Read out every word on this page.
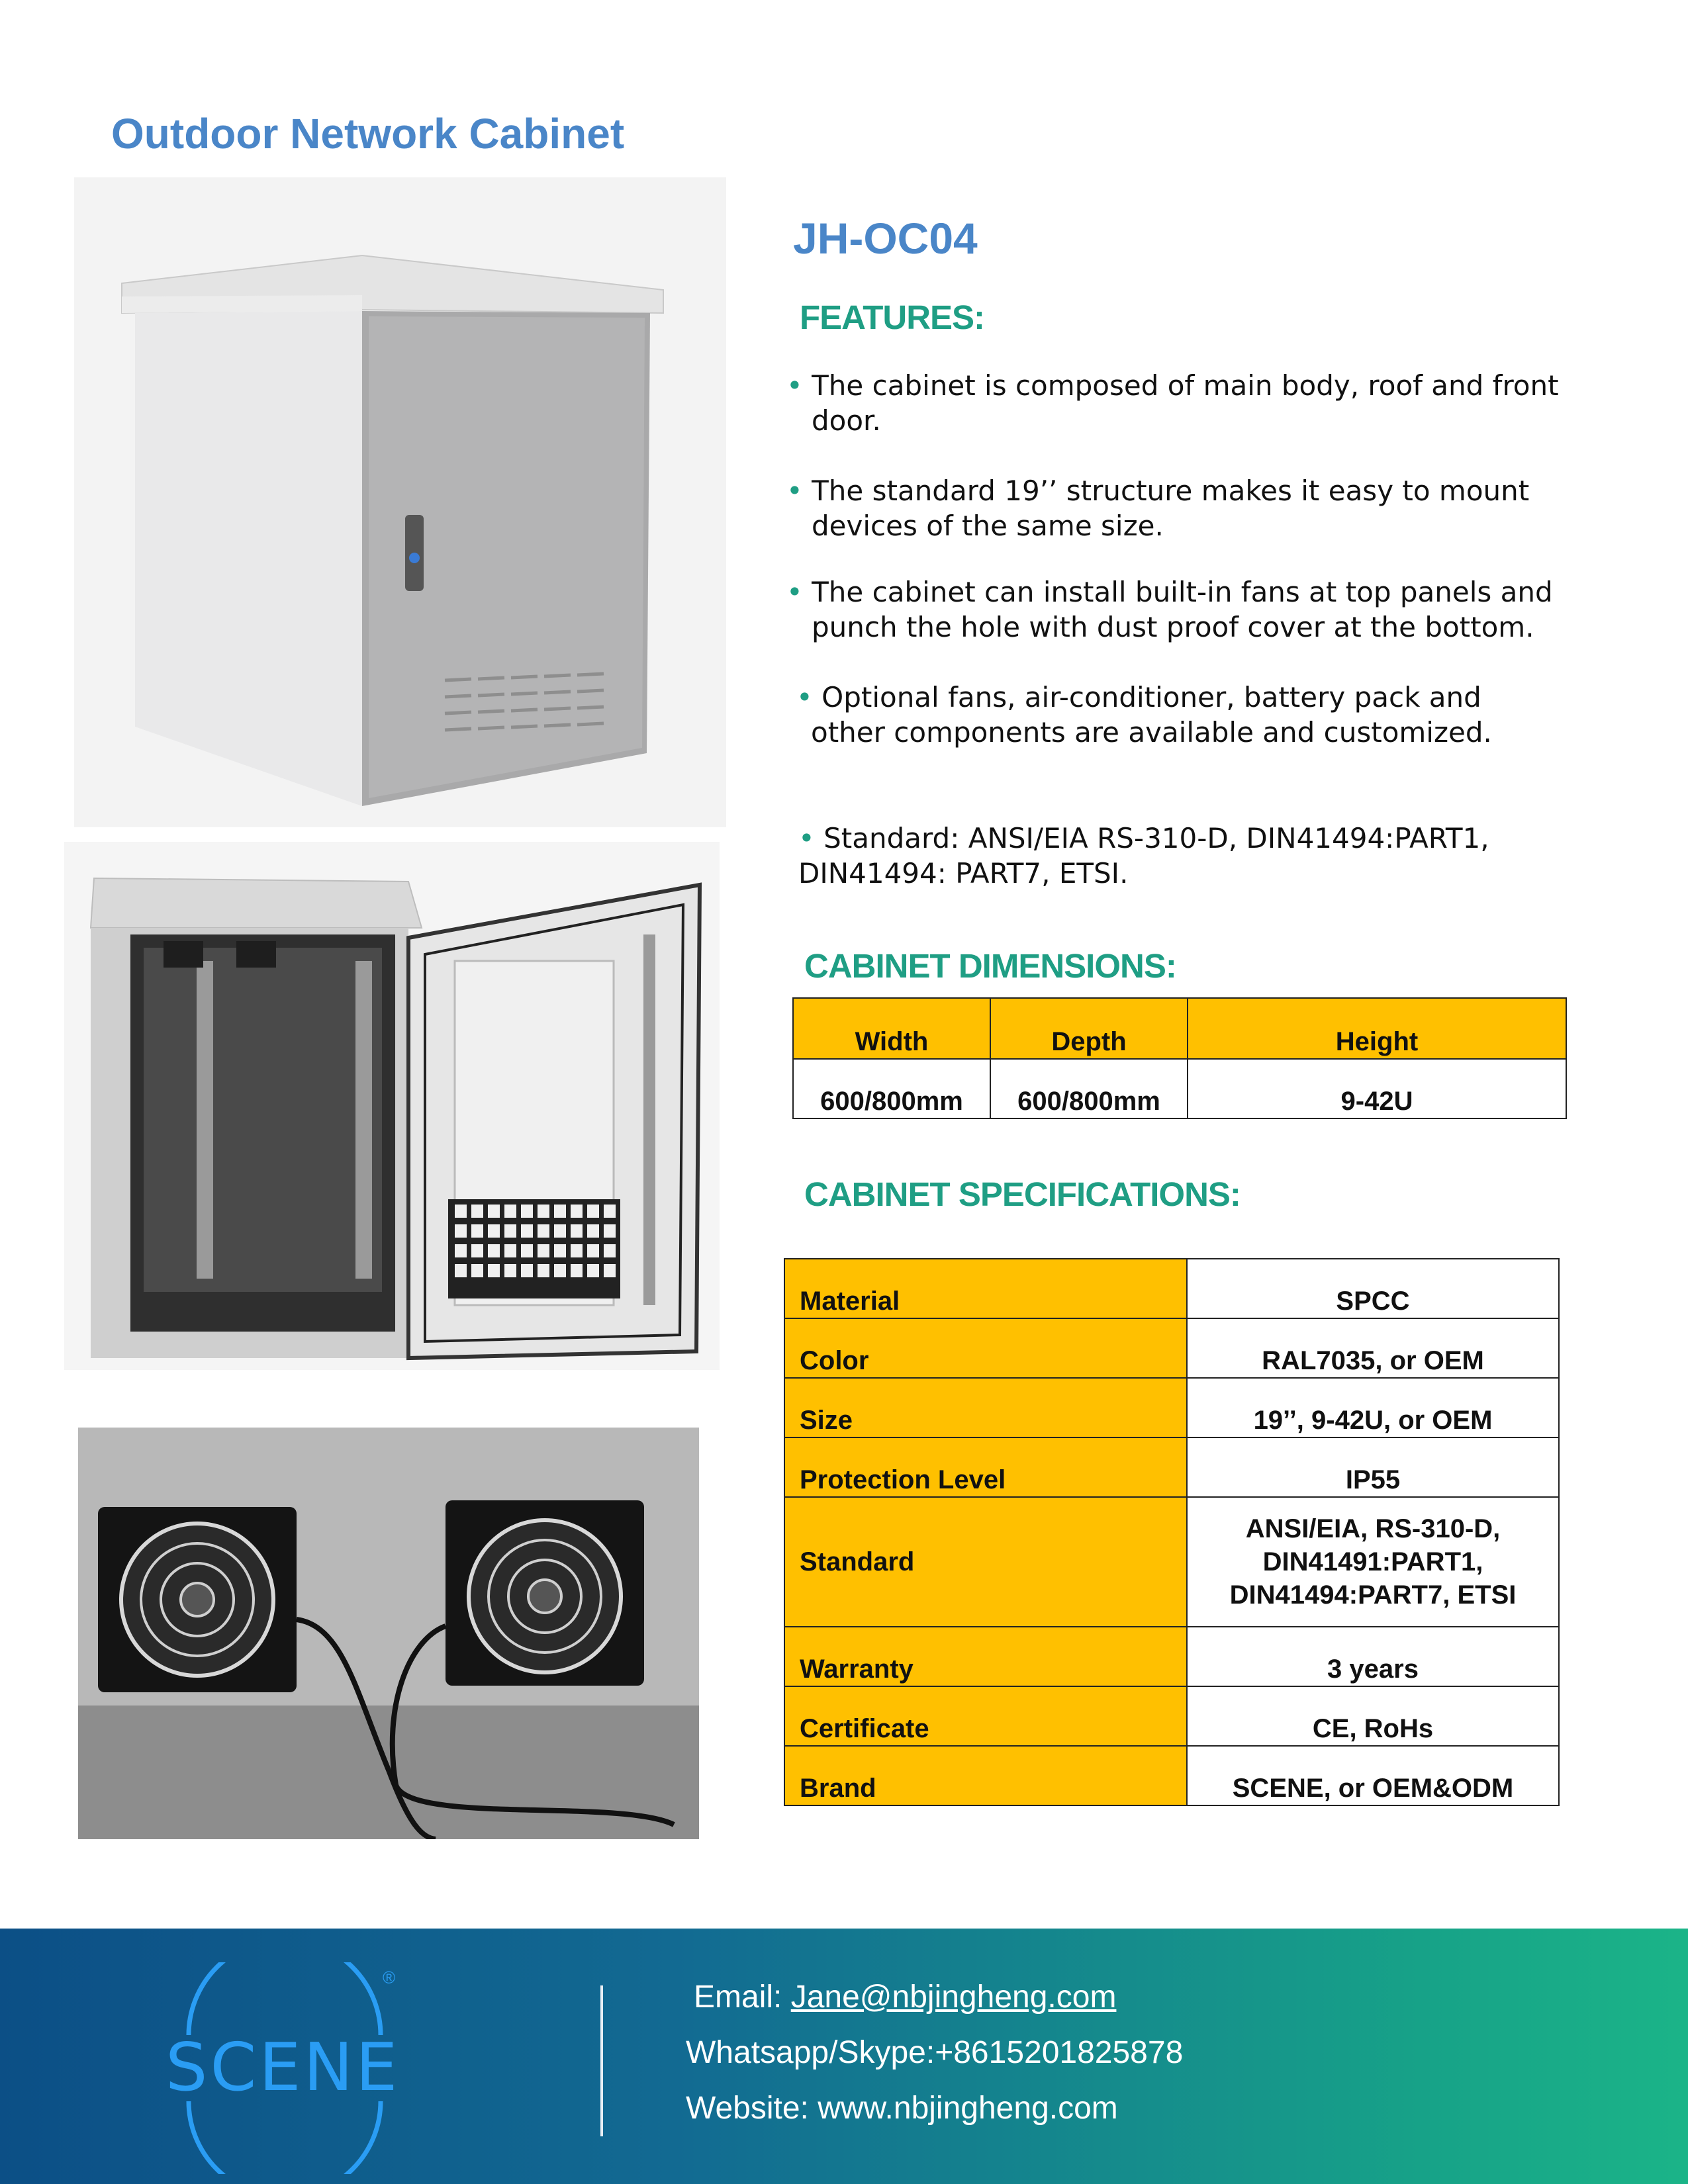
Outdoor Network Cabinet
JH-OC04
FEATURES:
• The cabinet is composed of main body, roof and front
door.
• The standard 19’’ structure makes it easy to mount
devices of the same size.
• The cabinet can install built-in fans at top panels and
punch the hole with dust proof cover at the bottom.
• Optional fans, air-conditioner, battery pack and
other components are available and customized.
• Standard: ANSI/EIA RS-310-D, DIN41494:PART1,
DIN41494: PART7, ETSI.
CABINET DIMENSIONS:
Width	Depth	Height
600/800mm	600/800mm	9-42U
CABINET SPECIFICATIONS:
Material	SPCC
Color	RAL7035, or OEM
Size	19’’, 9-42U, or OEM
Protection Level	IP55
Standard	ANSI/EIA, RS-310-D,
DIN41491:PART1,
DIN41494:PART7, ETSI

Warranty	3 years
Certificate	CE, RoHs
Brand	SCENE, or OEM&ODM
SCENE
®
Email: Jane@nbjingheng.com
Whatsapp/Skype:+8615201825878
Website: www.nbjingheng.com
